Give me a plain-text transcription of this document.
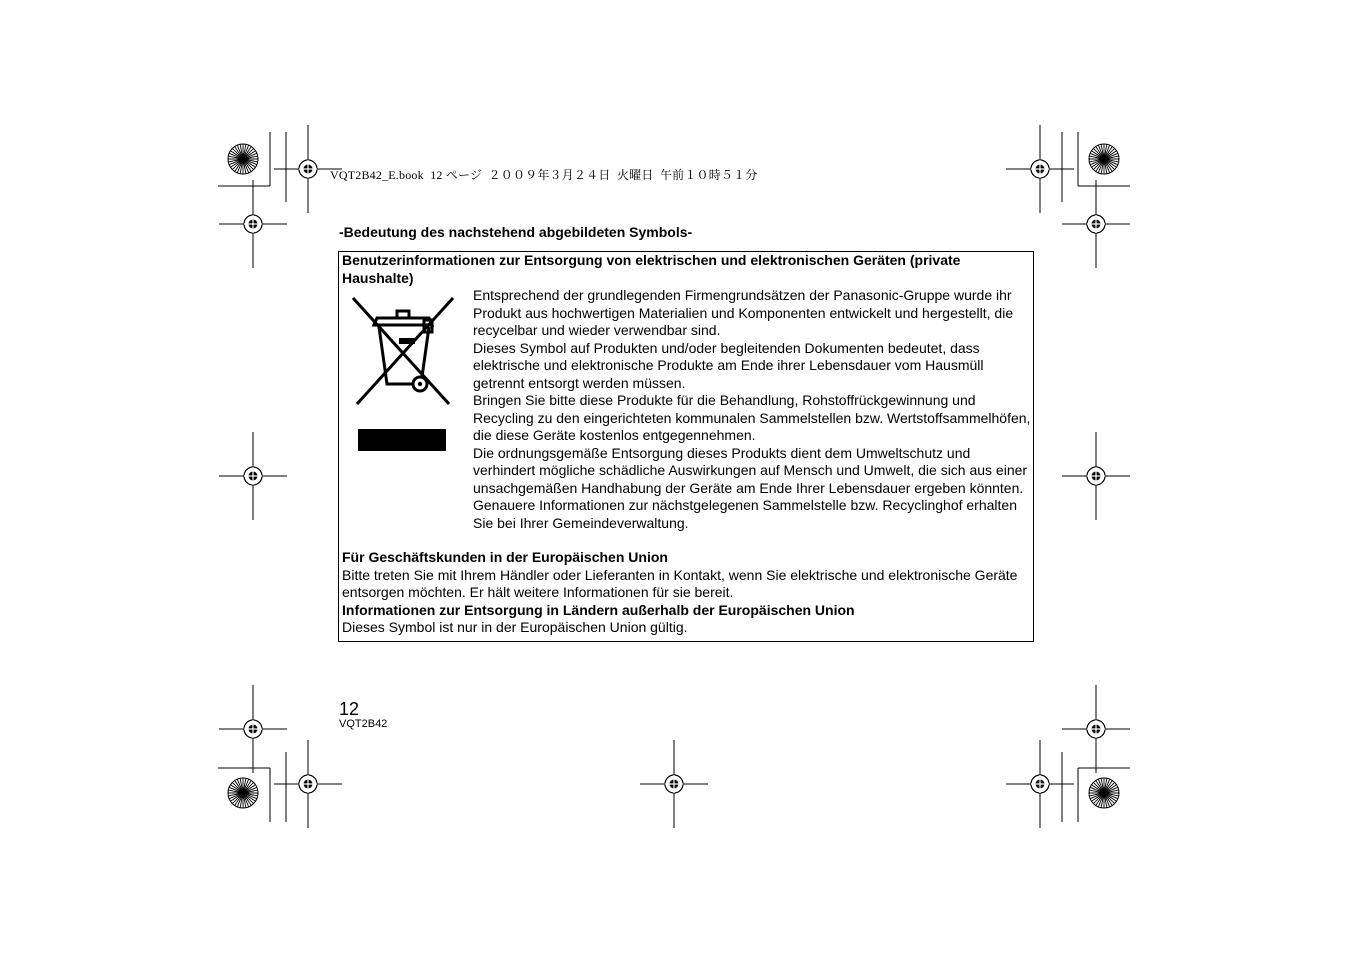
VQT2B42_E.book  12 ページ  ２００９年３月２４日  火曜日  午前１０時５１分
-Bedeutung des nachstehend abgebildeten Symbols-
Benutzerinformationen zur Entsorgung von elektrischen und elektronischen Geräten (private Haushalte)

Entsprechend der grundlegenden Firmengrundsätzen der Panasonic-Gruppe wurde ihr Produkt aus hochwertigen Materialien und Komponenten entwickelt und hergestellt, die recycelbar und wieder verwendbar sind.

Dieses Symbol auf Produkten und/oder begleitenden Dokumenten bedeutet, dass elektrische und elektronische Produkte am Ende ihrer Lebensdauer vom Hausmüll getrennt entsorgt werden müssen.

Bringen Sie bitte diese Produkte für die Behandlung, Rohstoffrückgewinnung und Recycling zu den eingerichteten kommunalen Sammelstellen bzw. Wertstoffsammelhöfen, die diese Geräte kostenlos entgegennehmen.

Die ordnungsgemäße Entsorgung dieses Produkts dient dem Umweltschutz und verhindert mögliche schädliche Auswirkungen auf Mensch und Umwelt, die sich aus einer unsachgemäßen Handhabung der Geräte am Ende Ihrer Lebensdauer ergeben könnten.

Genauere Informationen zur nächstgelegenen Sammelstelle bzw. Recyclinghof erhalten Sie bei Ihrer Gemeindeverwaltung.

Für Geschäftskunden in der Europäischen Union

Bitte treten Sie mit Ihrem Händler oder Lieferanten in Kontakt, wenn Sie elektrische und elektronische Geräte entsorgen möchten. Er hält weitere Informationen für sie bereit.

Informationen zur Entsorgung in Ländern außerhalb der Europäischen Union

Dieses Symbol ist nur in der Europäischen Union gültig.

12
VQT2B42
